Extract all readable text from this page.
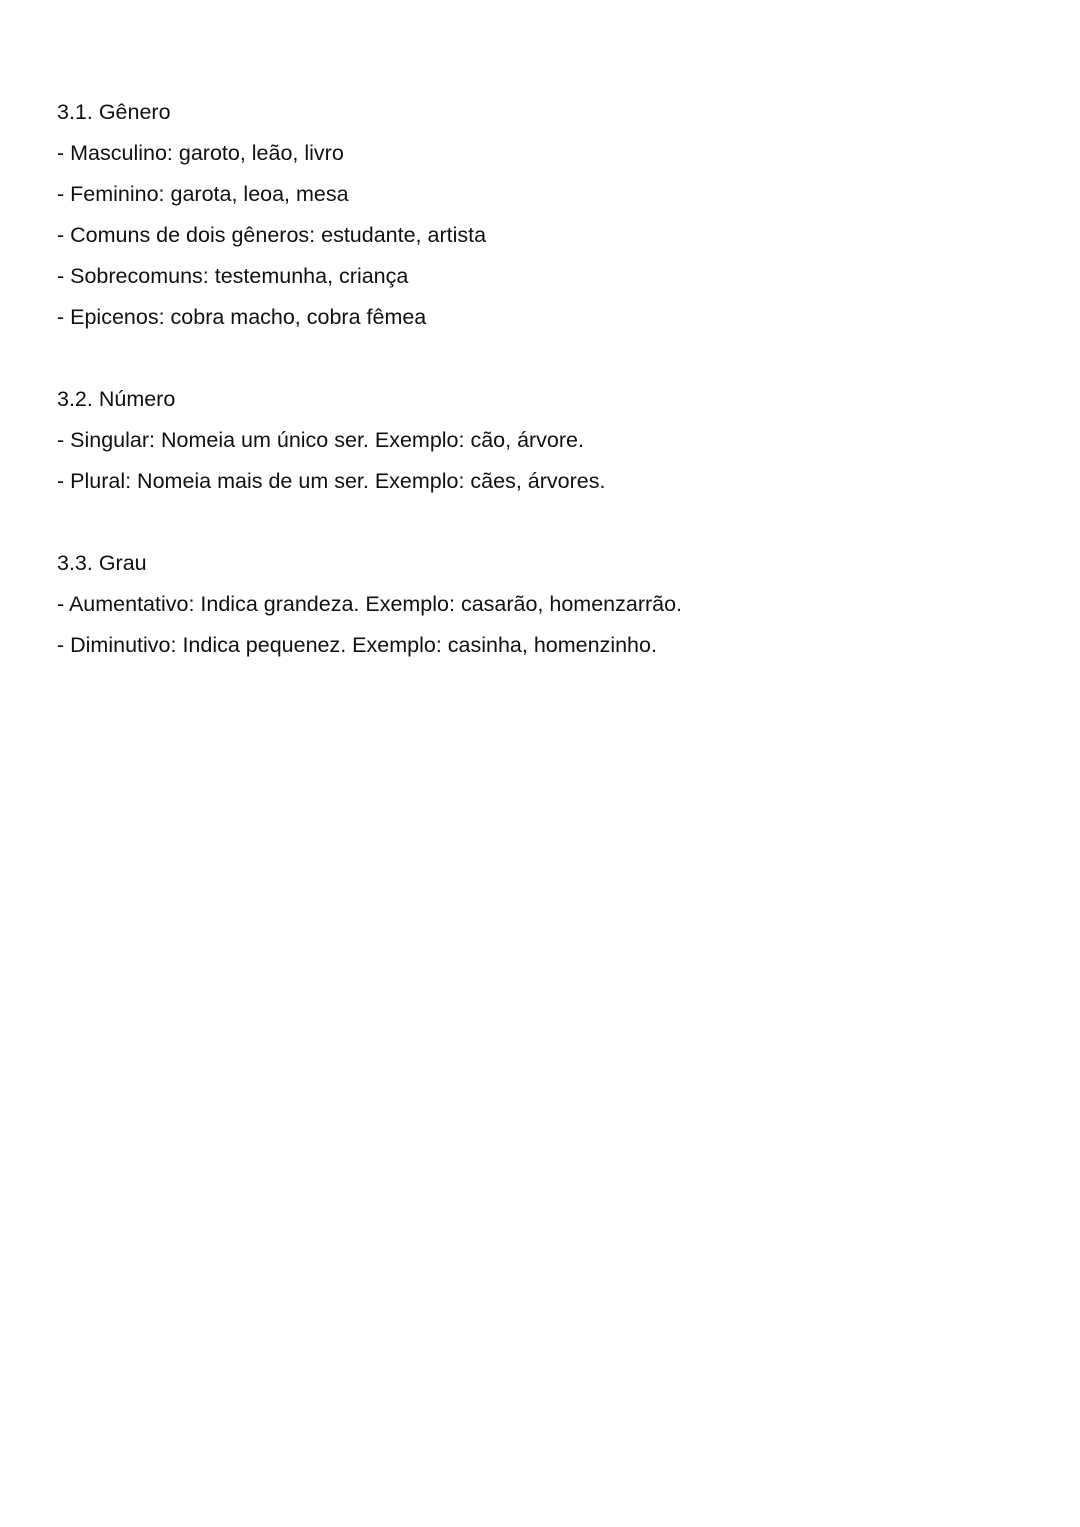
3.1. Gênero
- Masculino: garoto, leão, livro
- Feminino: garota, leoa, mesa
- Comuns de dois gêneros: estudante, artista
- Sobrecomuns: testemunha, criança
- Epicenos: cobra macho, cobra fêmea
3.2. Número
- Singular: Nomeia um único ser. Exemplo: cão, árvore.
- Plural: Nomeia mais de um ser. Exemplo: cães, árvores.
3.3. Grau
- Aumentativo: Indica grandeza. Exemplo: casarão, homenzarrão.
- Diminutivo: Indica pequenez. Exemplo: casinha, homenzinho.
